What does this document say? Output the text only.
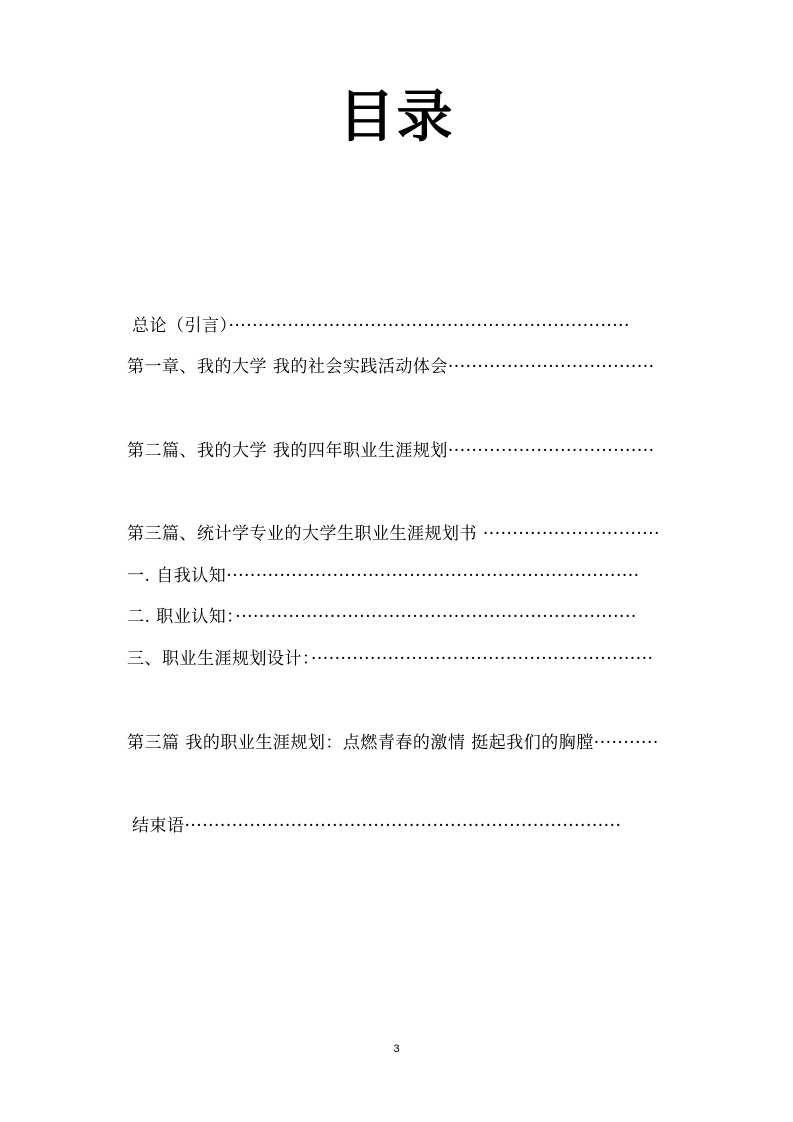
目录
总论（引言）····································································
第一章、我的大学 我的社会实践活动体会···································
第二篇、我的大学 我的四年职业生涯规划···································
第三篇、统计学专业的大学生职业生涯规划书 ······························
一. 自我认知······································································
二. 职业认知：····································································
三、职业生涯规划设计：··························································
第三篇 我的职业生涯规划：点燃青春的激情 挺起我们的胸膛···········
结束语··········································································
3
